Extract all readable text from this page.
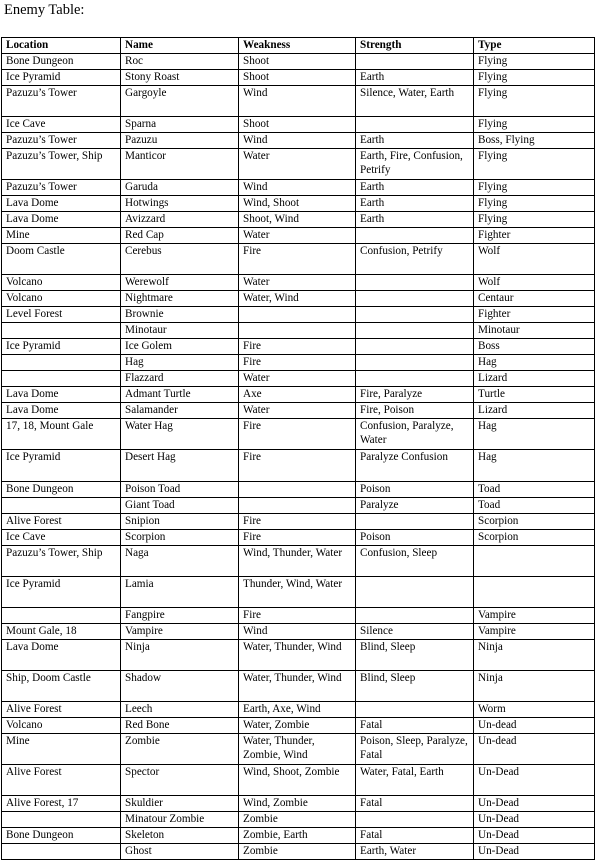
Enemy Table:
Location	Name	Weakness	Strength	Type

Bone Dungeon	Roc	Shoot		Flying

Ice Pyramid	Stony Roast	Shoot	Earth	Flying

Pazuzu’s Tower	Gargoyle	Wind	Silence, Water, Earth	Flying

Ice Cave	Sparna	Shoot		Flying

Pazuzu’s Tower	Pazuzu	Wind	Earth	Boss, Flying

Pazuzu’s Tower, Ship	Manticor	Water	Earth, Fire, Confusion, Petrify	Flying

Pazuzu’s Tower	Garuda	Wind	Earth	Flying

Lava Dome	Hotwings	Wind, Shoot	Earth	Flying

Lava Dome	Avizzard	Shoot, Wind	Earth	Flying

Mine	Red Cap	Water		Fighter

Doom Castle	Cerebus	Fire	Confusion, Petrify	Wolf

Volcano	Werewolf	Water		Wolf

Volcano	Nightmare	Water, Wind		Centaur

Level Forest	Brownie			Fighter

	Minotaur			Minotaur

Ice Pyramid	Ice Golem	Fire		Boss

	Hag	Fire		Hag

	Flazzard	Water		Lizard

Lava Dome	Admant Turtle	Axe	Fire, Paralyze	Turtle

Lava Dome	Salamander	Water	Fire, Poison	Lizard

17, 18, Mount Gale	Water Hag	Fire	Confusion, Paralyze, Water	Hag

Ice Pyramid	Desert Hag	Fire	Paralyze Confusion	Hag

Bone Dungeon	Poison Toad		Poison	Toad

	Giant Toad		Paralyze	Toad

Alive Forest	Snipion	Fire		Scorpion

Ice Cave	Scorpion	Fire	Poison	Scorpion

Pazuzu’s Tower, Ship	Naga	Wind, Thunder, Water	Confusion, Sleep	

Ice Pyramid	Lamia	Thunder, Wind, Water		

	Fangpire	Fire		Vampire

Mount Gale, 18	Vampire	Wind	Silence	Vampire

Lava Dome	Ninja	Water, Thunder, Wind	Blind, Sleep	Ninja

Ship, Doom Castle	Shadow	Water, Thunder, Wind	Blind, Sleep	Ninja

Alive Forest	Leech	Earth, Axe, Wind		Worm

Volcano	Red Bone	Water, Zombie	Fatal	Un-dead

Mine	Zombie	Water, Thunder, Zombie, Wind	Poison, Sleep, Paralyze, Fatal	Un-dead

Alive Forest	Spector	Wind, Shoot, Zombie	Water, Fatal, Earth	Un-Dead

Alive Forest, 17	Skuldier	Wind, Zombie	Fatal	Un-Dead

	Minatour Zombie	Zombie		Un-Dead

Bone Dungeon	Skeleton	Zombie, Earth	Fatal	Un-Dead

	Ghost	Zombie	Earth, Water	Un-Dead
